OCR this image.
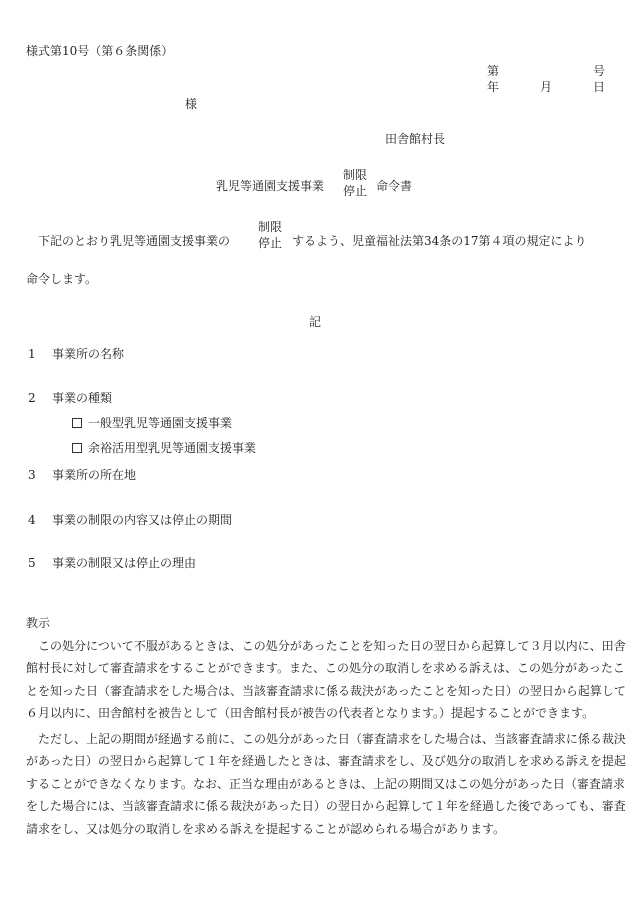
様式第10号（第６条関係）
第	号
年	月	日
様
田舎館村長
乳児等通園支援事業
制限
停止 命令書
下記のとおり乳児等通園支援事業の
制限
停止 するよう、児童福祉法第34条の17第４項の規定により
命令します。
記
1 事業所の名称
2 事業の種類
一般型乳児等通園支援事業
余裕活用型乳児等通園支援事業
3 事業所の所在地
4 事業の制限の内容又は停止の期間
5 事業の制限又は停止の理由
教示
この処分について不服があるときは、この処分があったことを知った日の翌日から起算して３月以内に、田舎
館村長に対して審査請求をすることができます。また、この処分の取消しを求める訴えは、この処分があったこ
とを知った日（審査請求をした場合は、当該審査請求に係る裁決があったことを知った日）の翌日から起算して
６月以内に、田舎館村を被告として（田舎館村長が被告の代表者となります。）提起することができます。
ただし、上記の期間が経過する前に、この処分があった日（審査請求をした場合は、当該審査請求に係る裁決
があった日）の翌日から起算して１年を経過したときは、審査請求をし、及び処分の取消しを求める訴えを提起
することができなくなります。なお、正当な理由があるときは、上記の期間又はこの処分があった日（審査請求
をした場合には、当該審査請求に係る裁決があった日）の翌日から起算して１年を経過した後であっても、審査
請求をし、又は処分の取消しを求める訴えを提起することが認められる場合があります。
